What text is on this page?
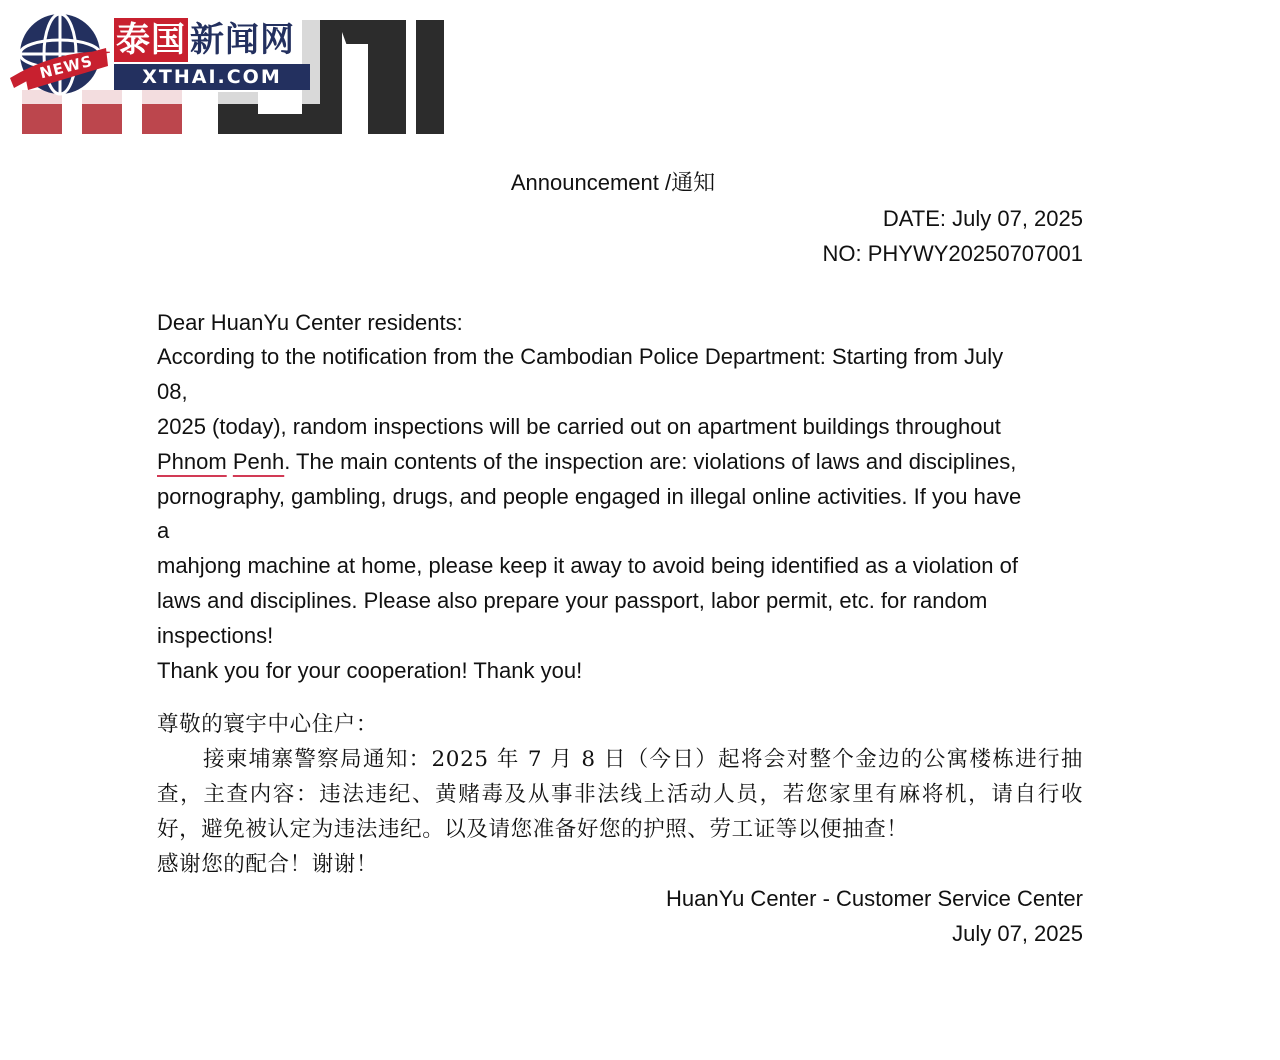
NEWS
泰国 新闻网
XTHAI.COM
Announcement /通知
DATE: July 07, 2025
NO: PHYWY20250707001
Dear HuanYu Center residents:
According to the notification from the Cambodian Police Department: Starting from July
08,
2025 (today), random inspections will be carried out on apartment buildings throughout
Phnom Penh. The main contents of the inspection are: violations of laws and disciplines,
pornography, gambling, drugs, and people engaged in illegal online activities. If you have
a
mahjong machine at home, please keep it away to avoid being identified as a violation of
laws and disciplines. Please also prepare your passport, labor permit, etc. for random
inspections!
Thank you for your cooperation! Thank you!
尊敬的寰宇中心住户：
接柬埔寨警察局通知：2025 年 7 月 8 日（今日）起将会对整个金边的公寓楼栋进行抽查，主查内容：违法违纪、黄赌毒及从事非法线上活动人员，若您家里有麻将机，请自行收好，避免被认定为违法违纪。以及请您准备好您的护照、劳工证等以便抽查！
感谢您的配合！谢谢！
HuanYu Center - Customer Service Center
July 07, 2025
